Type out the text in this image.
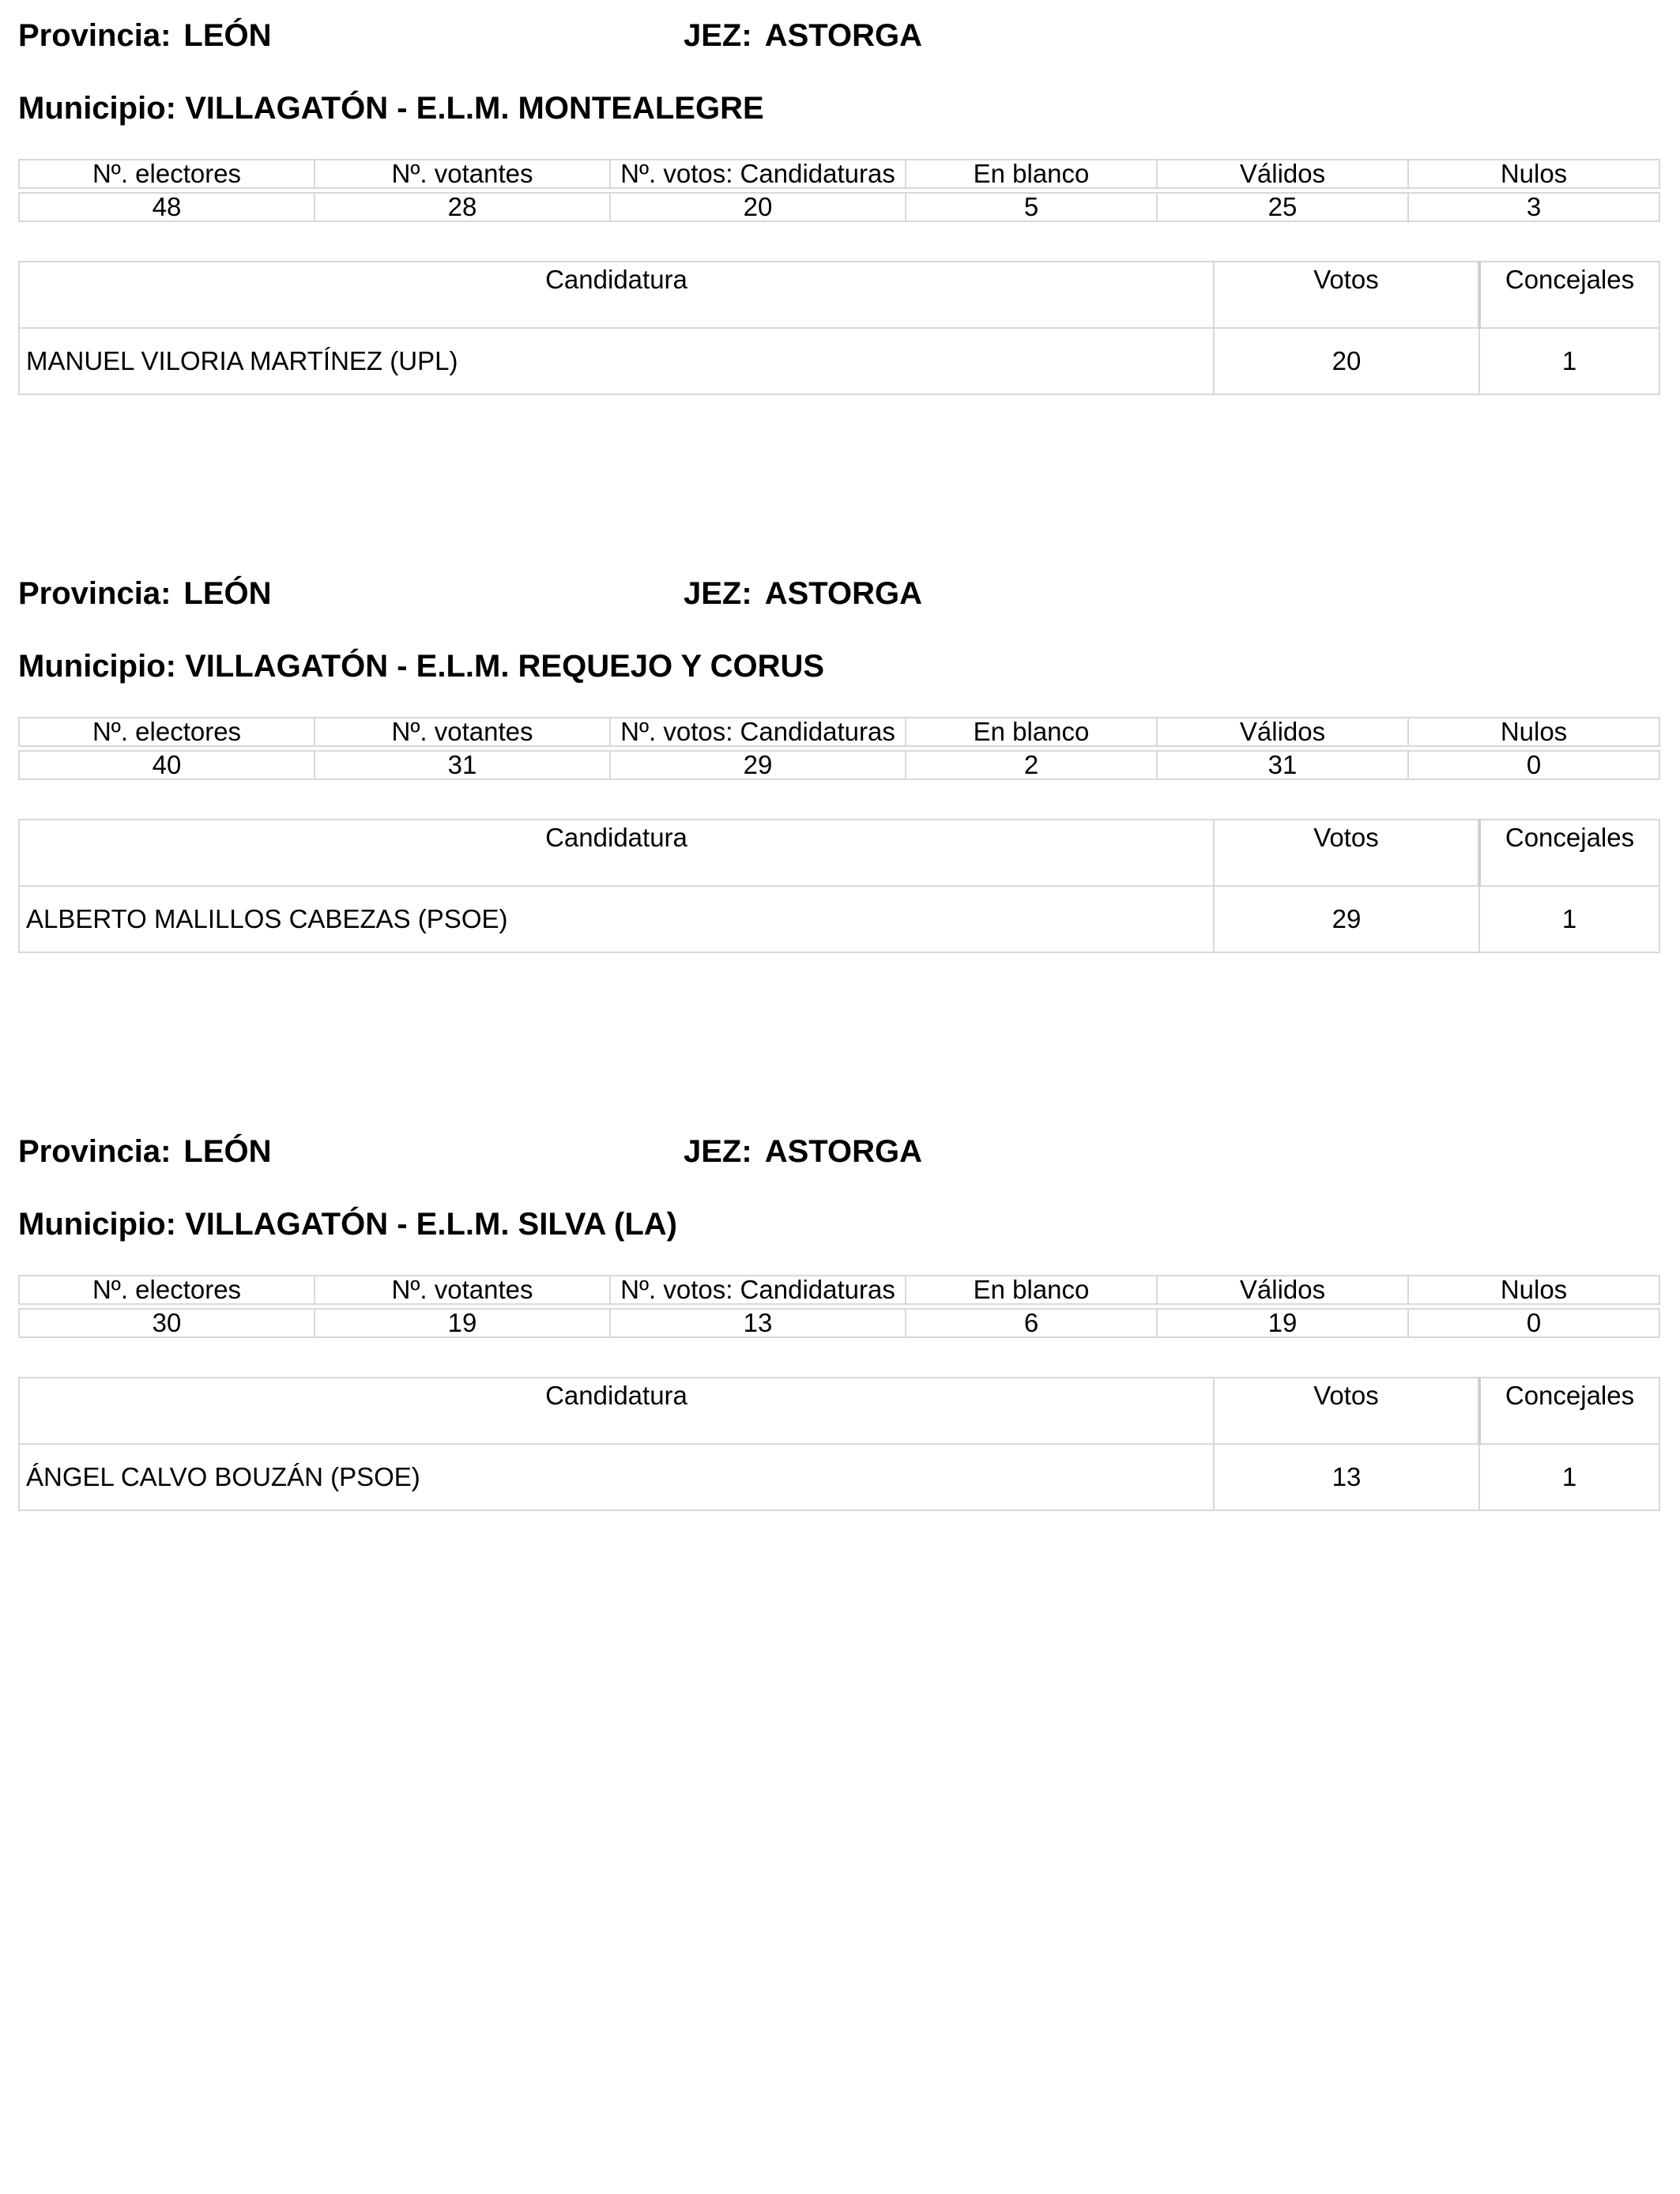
Provincia: LEÓN	JEZ: ASTORGA
Municipio: VILLAGATÓN - E.L.M. MONTEALEGRE
Nº. electores	Nº. votantes	Nº. votos: Candidaturas	En blanco	Válidos	Nulos

48	28	20	5	25	3
Candidatura	Votos	Concejales
MANUEL VILORIA MARTÍNEZ (UPL)	20	1
Provincia: LEÓN	JEZ: ASTORGA
Municipio: VILLAGATÓN - E.L.M. REQUEJO Y CORUS
Nº. electores	Nº. votantes	Nº. votos: Candidaturas	En blanco	Válidos	Nulos

40	31	29	2	31	0
Candidatura	Votos	Concejales
ALBERTO MALILLOS CABEZAS (PSOE)	29	1
Provincia: LEÓN	JEZ: ASTORGA
Municipio: VILLAGATÓN - E.L.M. SILVA (LA)
Nº. electores	Nº. votantes	Nº. votos: Candidaturas	En blanco	Válidos	Nulos

30	19	13	6	19	0
Candidatura	Votos	Concejales
ÁNGEL CALVO BOUZÁN (PSOE)	13	1
